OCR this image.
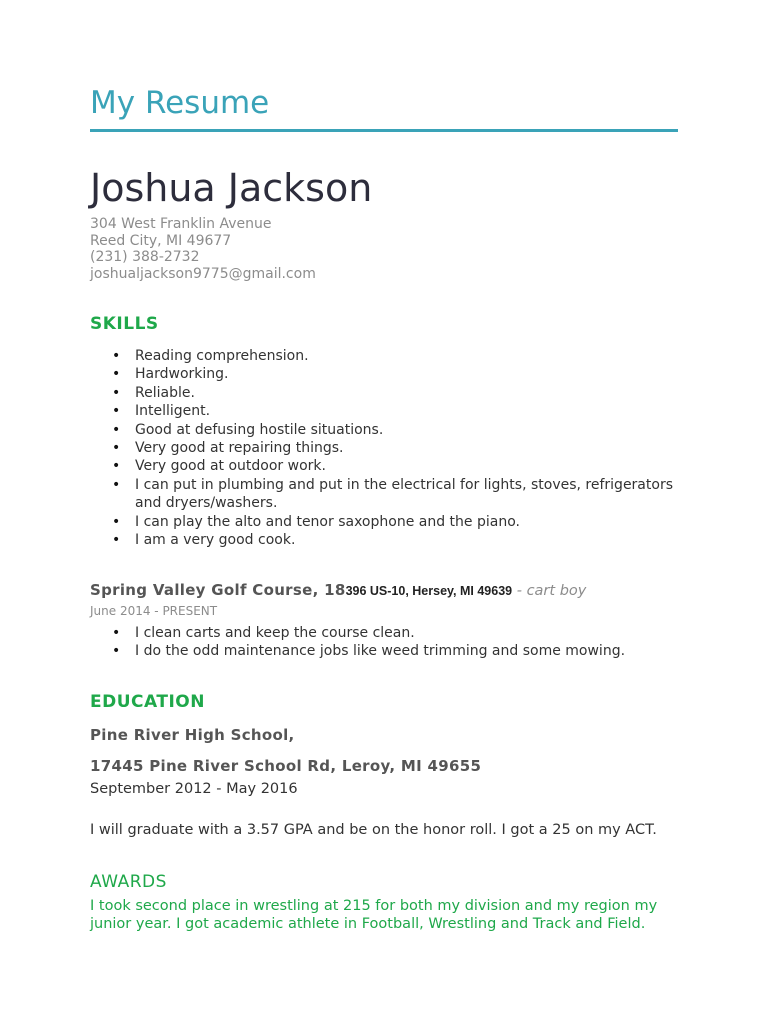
My Resume
Joshua Jackson
304 West Franklin Avenue
Reed City, MI 49677
(231) 388-2732
joshualjackson9775@gmail.com
SKILLS
• Reading comprehension.
• Hardworking.
• Reliable.
• Intelligent.
• Good at defusing hostile situations.
• Very good at repairing things.
• Very good at outdoor work.
• I can put in plumbing and put in the electrical for lights, stoves, refrigerators and dryers/washers.
• I can play the alto and tenor saxophone and the piano.
• I am a very good cook.
Spring Valley Golf Course, 18396 US-10, Hersey, MI 49639 - cart boy
June 2014 - PRESENT
• I clean carts and keep the course clean.
• I do the odd maintenance jobs like weed trimming and some mowing.
EDUCATION
Pine River High School,
17445 Pine River School Rd, Leroy, MI 49655
September 2012 - May 2016
I will graduate with a 3.57 GPA and be on the honor roll. I got a 25 on my ACT.
AWARDS
I took second place in wrestling at 215 for both my division and my region my junior year. I got academic athlete in Football, Wrestling and Track and Field.
